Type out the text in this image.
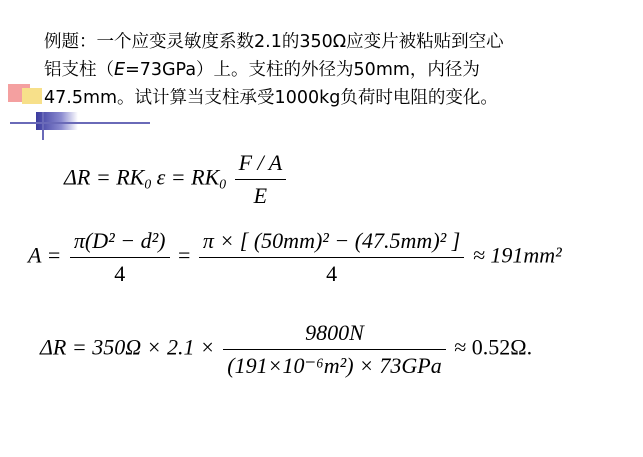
例题：一个应变灵敏度系数2.1的350Ω应变片被粘贴到空心
铝支柱（E=73GPa）上。支柱的外径为50mm，内径为
47.5mm。试计算当支柱承受1000kg负荷时电阻的变化。
$\Delta R = RK_0$ $\varepsilon = RK_0 \frac{F / A}{E}$
$A = \frac{\text{π(D² − d²)}}{4} = \frac{\text{π × [ (50mm)² − (47.5mm)² ]}}{4} \approx 191mm^2$
$\Delta R = 350\Omega \times 2.1 \times \frac{9800N}{\text{(191×10⁻⁶m²) × 73GPa}} \approx 0.52\Omega$.
